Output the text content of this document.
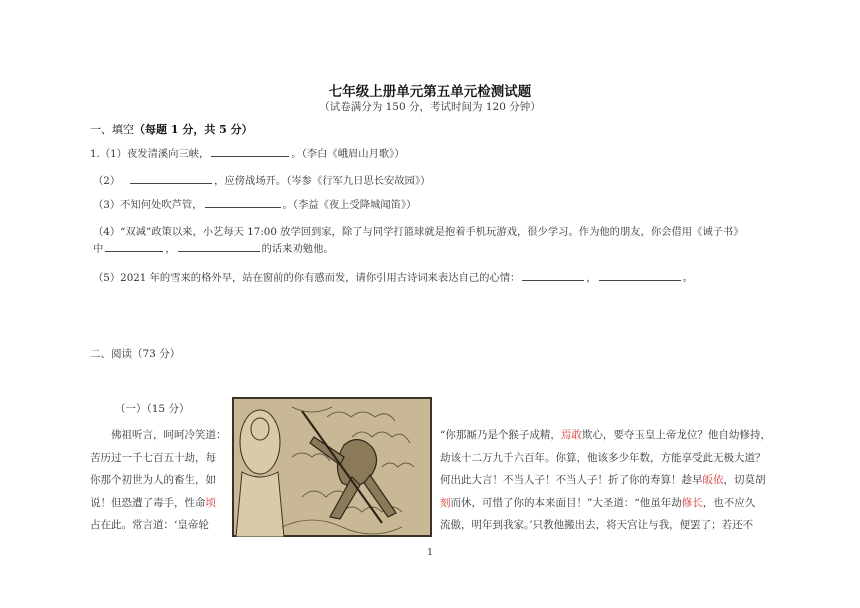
七年级上册单元第五单元检测试题
（试卷满分为 150 分，考试时间为 120 分钟）
一、填空（每题 1 分，共 5 分）
1.（1）夜发清溪向三峡，	。（李白《峨眉山月歌》）
（2）	，应傍战场开。（岑参《行军九日思长安故园》）
（3）不知何处吹芦管，	。（李益《夜上受降城闻笛》）
（4）“双减”政策以来，小艺每天 17:00 放学回到家，除了与同学打篮球就是抱着手机玩游戏，很少学习。作为他的朋友，你会借用《诫子书》
中	，	的话来劝勉他。
（5）2021 年的雪来的格外早，站在窗前的你有感而发，请你引用古诗词来表达自己的心情：	，	。
二、阅读（73 分）
（一）（15 分）
　　佛祖听言，呵呵冷笑道：
苦历过一千七百五十劫，每
你那个初世为人的畜生，如
说！但恐遭了毒手，性命顷
占在此。常言道：‘皇帝轮
“你那厮乃是个猴子成精，焉敢欺心，要夺玉皇上帝龙位？他自幼修持，
劫该十二万九千六百年。你算，他该多少年数，方能享受此无极大道？
何出此大言！不当人子！不当人子！折了你的寿算！趁早皈依，切莫胡
刻而休，可惜了你的本来面目！”大圣道：“他虽年劫修长，也不应久
流傲，明年到我家。’只教他搬出去，将天宫让与我，便罢了；若还不
1
